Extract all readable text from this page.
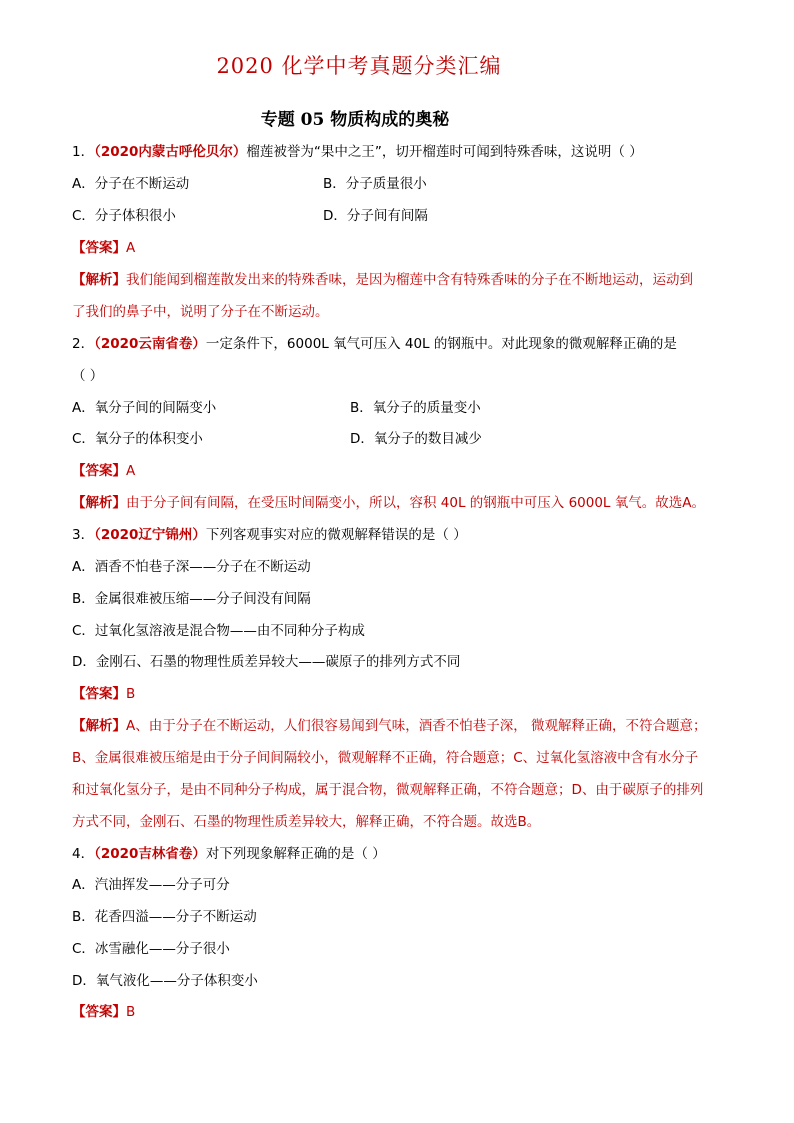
2020 化学中考真题分类汇编
专题 05 物质构成的奥秘
1．（2020内蒙古呼伦贝尔）榴莲被誉为“果中之王”，切开榴莲时可闻到特殊香味，这说明（ ）
A．分子在不断运动	B．分子质量很小
C．分子体积很小	D．分子间有间隔
【答案】A
【解析】我们能闻到榴莲散发出来的特殊香味，是因为榴莲中含有特殊香味的分子在不断地运动，运动到
了我们的鼻子中，说明了分子在不断运动。
2．（2020云南省卷）一定条件下，6000L 氧气可压入 40L 的钢瓶中。对此现象的微观解释正确的是
（ ）
A．氧分子间的间隔变小	B．氧分子的质量变小
C．氧分子的体积变小	D．氧分子的数目减少
【答案】A
【解析】由于分子间有间隔，在受压时间隔变小，所以，容积 40L 的钢瓶中可压入 6000L 氧气。故选A。
3．（2020辽宁锦州）下列客观事实对应的微观解释错误的是（ ）
A．酒香不怕巷子深——分子在不断运动
B．金属很难被压缩——分子间没有间隔
C．过氧化氢溶液是混合物——由不同种分子构成
D．金刚石、石墨的物理性质差异较大——碳原子的排列方式不同
【答案】B
【解析】A、由于分子在不断运动，人们很容易闻到气味，酒香不怕巷子深， 微观解释正确，不符合题意；
B、金属很难被压缩是由于分子间间隔较小，微观解释不正确，符合题意；C、过氧化氢溶液中含有水分子
和过氧化氢分子，是由不同种分子构成，属于混合物，微观解释正确，不符合题意；D、由于碳原子的排列
方式不同，金刚石、石墨的物理性质差异较大，解释正确，不符合题。故选B。
4．（2020吉林省卷）对下列现象解释正确的是（ ）
A．汽油挥发——分子可分
B．花香四溢——分子不断运动
C．冰雪融化——分子很小
D．氧气液化——分子体积变小
【答案】B
